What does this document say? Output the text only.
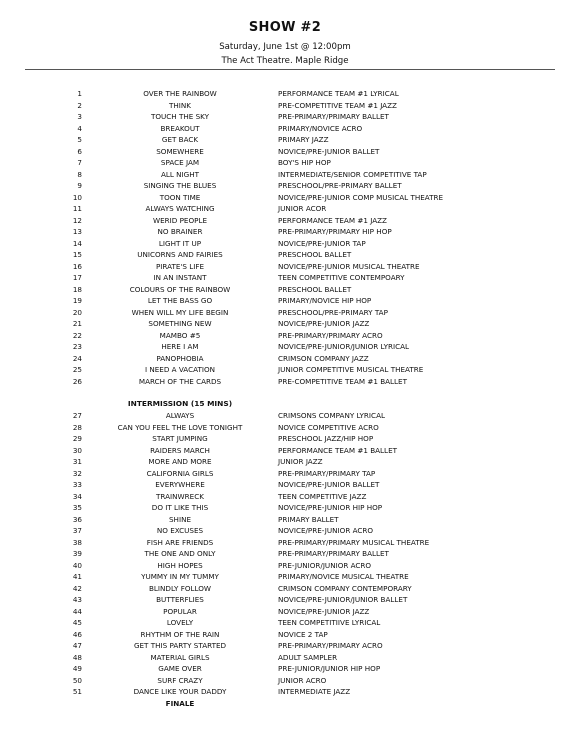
SHOW #2
Saturday, June 1st @ 12:00pm
The Act Theatre. Maple Ridge
1	OVER THE RAINBOW	PERFORMANCE TEAM #1 LYRICAL
2	THINK	PRE-COMPETITIVE TEAM #1 JAZZ
3	TOUCH THE SKY	PRE-PRIMARY/PRIMARY BALLET
4	BREAKOUT	PRIMARY/NOVICE ACRO
5	GET BACK	PRIMARY JAZZ
6	SOMEWHERE	NOVICE/PRE-JUNIOR BALLET
7	SPACE JAM	BOY'S HIP HOP
8	ALL NIGHT	INTERMEDIATE/SENIOR COMPETITIVE TAP
9	SINGING THE BLUES	PRESCHOOL/PRE-PRIMARY BALLET
10	TOON TIME	NOVICE/PRE-JUNIOR COMP MUSICAL THEATRE
11	ALWAYS WATCHING	JUNIOR ACOR
12	WERID PEOPLE	PERFORMANCE TEAM #1 JAZZ
13	NO BRAINER	PRE-PRIMARY/PRIMARY HIP HOP
14	LIGHT IT UP	NOVICE/PRE-JUNIOR TAP
15	UNICORNS AND FAIRIES	PRESCHOOL BALLET
16	PIRATE'S LIFE	NOVICE/PRE-JUNIOR MUSICAL THEATRE
17	IN AN INSTANT	TEEN COMPETITIVE CONTEMPOARY
18	COLOURS OF THE RAINBOW	PRESCHOOL BALLET
19	LET THE BASS GO	PRIMARY/NOVICE HIP HOP
20	WHEN WILL MY LIFE BEGIN	PRESCHOOL/PRE-PRIMARY TAP
21	SOMETHING NEW	NOVICE/PRE-JUNIOR JAZZ
22	MAMBO #5	PRE-PRIMARY/PRIMARY ACRO
23	HERE I AM	NOVICE/PRE-JUNIOR/JUNIOR LYRICAL
24	PANOPHOBIA	CRIMSON COMPANY JAZZ
25	I NEED A VACATION	JUNIOR COMPETITIVE MUSICAL THEATRE
26	MARCH OF THE CARDS	PRE-COMPETITIVE TEAM #1 BALLET
INTERMISSION (15 MINS)
27	ALWAYS	CRIMSONS COMPANY LYRICAL
28	CAN YOU FEEL THE LOVE TONIGHT	NOVICE COMPETITIVE ACRO
29	START JUMPING	PRESCHOOL JAZZ/HIP HOP
30	RAIDERS MARCH	PERFORMANCE TEAM #1 BALLET
31	MORE AND MORE	JUNIOR JAZZ
32	CALIFORNIA GIRLS	PRE-PRIMARY/PRIMARY TAP
33	EVERYWHERE	NOVICE/PRE-JUNIOR BALLET
34	TRAINWRECK	TEEN COMPETITIVE JAZZ
35	DO IT LIKE THIS	NOVICE/PRE-JUNIOR HIP HOP
36	SHINE	PRIMARY BALLET
37	NO EXCUSES	NOVICE/PRE-JUNIOR ACRO
38	FISH ARE FRIENDS	PRE-PRIMARY/PRIMARY MUSICAL THEATRE
39	THE ONE AND ONLY	PRE-PRIMARY/PRIMARY BALLET
40	HIGH HOPES	PRE-JUNIOR/JUNIOR ACRO
41	YUMMY IN MY TUMMY	PRIMARY/NOVICE MUSICAL THEATRE
42	BLINDLY FOLLOW	CRIMSON COMPANY CONTEMPORARY
43	BUTTERFLIES	NOVICE/PRE-JUNIOR/JUNIOR BALLET
44	POPULAR	NOVICE/PRE-JUNIOR JAZZ
45	LOVELY	TEEN COMPETITIIVE LYRICAL
46	RHYTHM OF THE RAIN	NOVICE 2 TAP
47	GET THIS PARTY STARTED	PRE-PRIMARY/PRIMARY ACRO
48	MATERIAL GIRLS	ADULT SAMPLER
49	GAME OVER	PRE-JUNIOR/JUNIOR HIP HOP
50	SURF CRAZY	JUNIOR ACRO
51	DANCE LIKE YOUR DADDY	INTERMEDIATE JAZZ
FINALE
